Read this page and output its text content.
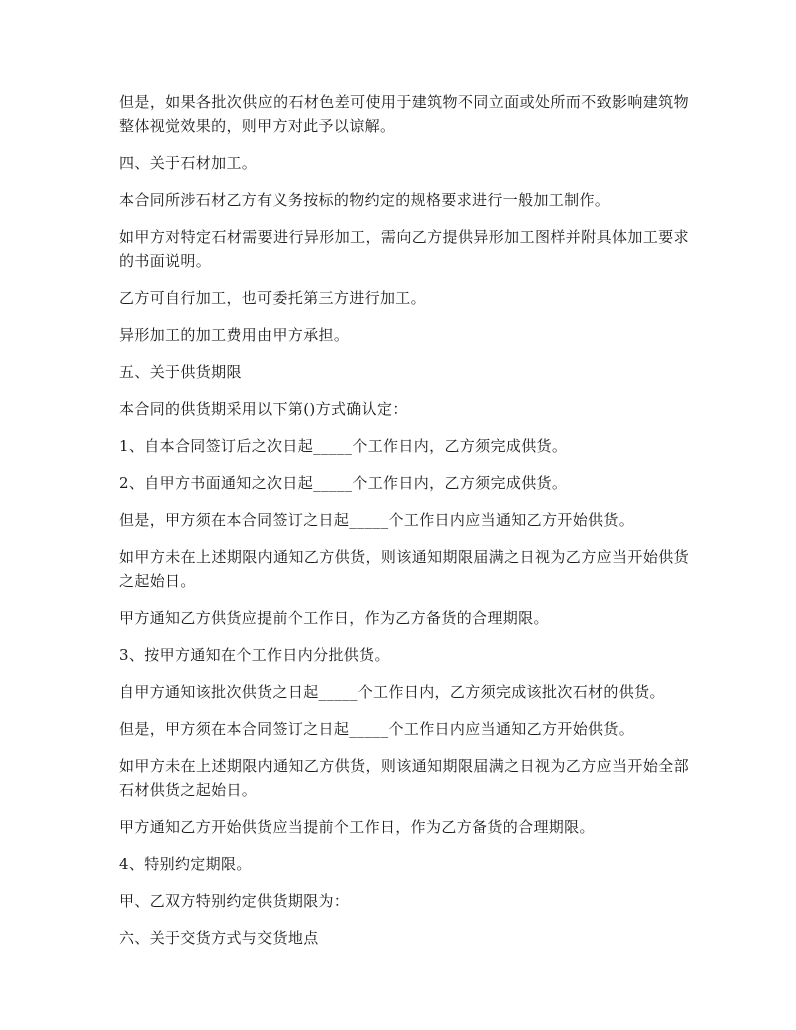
但是，如果各批次供应的石材色差可使用于建筑物不同立面或处所而不致影响建筑物整体视觉效果的，则甲方对此予以谅解。

四、关于石材加工。

本合同所涉石材乙方有义务按标的物约定的规格要求进行一般加工制作。

如甲方对特定石材需要进行异形加工，需向乙方提供异形加工图样并附具体加工要求的书面说明。

乙方可自行加工，也可委托第三方进行加工。

异形加工的加工费用由甲方承担。

五、关于供货期限

本合同的供货期采用以下第()方式确认定：

1、自本合同签订后之次日起_____个工作日内，乙方须完成供货。

2、自甲方书面通知之次日起_____个工作日内，乙方须完成供货。

但是，甲方须在本合同签订之日起_____个工作日内应当通知乙方开始供货。

如甲方未在上述期限内通知乙方供货，则该通知期限届满之日视为乙方应当开始供货之起始日。

甲方通知乙方供货应提前个工作日，作为乙方备货的合理期限。

3、按甲方通知在个工作日内分批供货。

自甲方通知该批次供货之日起_____个工作日内，乙方须完成该批次石材的供货。

但是，甲方须在本合同签订之日起_____个工作日内应当通知乙方开始供货。

如甲方未在上述期限内通知乙方供货，则该通知期限届满之日视为乙方应当开始全部石材供货之起始日。

甲方通知乙方开始供货应当提前个工作日，作为乙方备货的合理期限。

4、特别约定期限。

甲、乙双方特别约定供货期限为：

六、关于交货方式与交货地点
